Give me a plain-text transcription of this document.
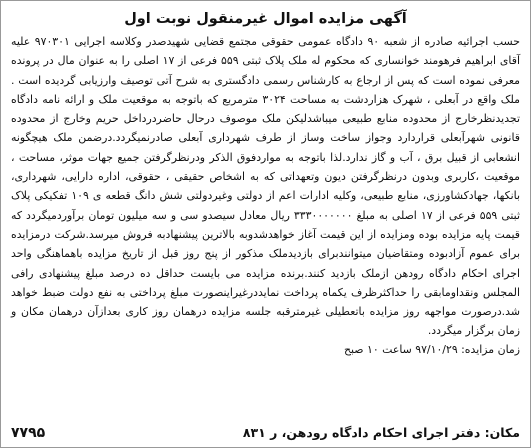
آگهی مزایده اموال غیرمنقول نوبت اول

حسب اجرائیه صادره از شعبه ۹۰ دادگاه عمومی حقوقی مجتمع قضایی شهیدصدر وکلاسه اجرایی ۹۷۰۳۰۱ علیه آقای ابراهیم فرهومند خوانساری که محکوم له ملک پلاک ثبتی ۵۵۹ فرعی از ۱۷ اصلی را به عنوان مال در پرونده معرفی نموده است که پس از ارجاع به کارشناس رسمی دادگستری به شرح آتی توصیف وارزیابی گردیده است . ملک واقع در آبعلی ، شهرک هزاردشت به مساحت ۳۰۲۴ مترمربع که باتوجه به موقعیت ملک و ارائه نامه دادگاه تجدیدنظرخارج از محدوده منابع طبیعی میباشدلیکن ملک موصوف درحال حاضردرداخل حریم وخارج از محدوده قانونی شهرآبعلی قراردارد وجواز ساخت وساز از طرف شهرداری آبعلی صادرنمیگردد.درضمن ملک هیچگونه انشعابی از قبیل برق ، آب و گاز ندارد.لذا باتوجه به مواردفوق الذکر ودرنظرگرفتن جمیع جهات موثر، مساحت ، موقعیت ،کاربری وبدون درنظرگرفتن دیون وتعهداتی که به اشخاص حقیقی ، حقوقی، اداره دارایی، شهرداری، بانکها، جهادکشاورزی، منابع طبیعی، وکلیه ادارات اعم از دولتی وغیردولتی شش دانگ قطعه ی ۱۰۹ تفکیکی پلاک ثبتی ۵۵۹ فرعی از ۱۷ اصلی به مبلغ ۳۳۳۰۰۰۰۰۰۰ ریال معادل سیصدو سی و سه میلیون تومان برآوردمیگردد که قیمت پایه مزایده بوده ومزایده از این قیمت آغاز خواهدشدوبه بالاترین پیشنهادبه فروش میرسد.شرکت درمزایده برای عموم آزادبوده ومتقاضیان میتوانندبرای بازدیدملک مذکور از پنج روز قبل از تاریخ مزایده باهماهنگی واحد اجرای احکام دادگاه رودهن ازملک بازدید کنند.برنده مزایده می بایست حداقل ده درصد مبلغ پیشنهادی رافی المجلس ونقداومابقی را حداکثرظرف یکماه پرداخت نمایددرغیراینصورت مبلغ پرداختی به نفع دولت ضبط خواهد شد.درصورت مواجهه روز مزایده باتعطیلی غیرمترقبه جلسه مزایده درهمان روز کاری بعدازآن درهمان مکان و زمان برگزار میگردد.

زمان مزایده: ۹۷/۱۰/۲۹ ساعت ۱۰ صبح

مکان: دفتر اجرای احکام دادگاه رودهن، ر ۸۳۱
۷۷۹۵
